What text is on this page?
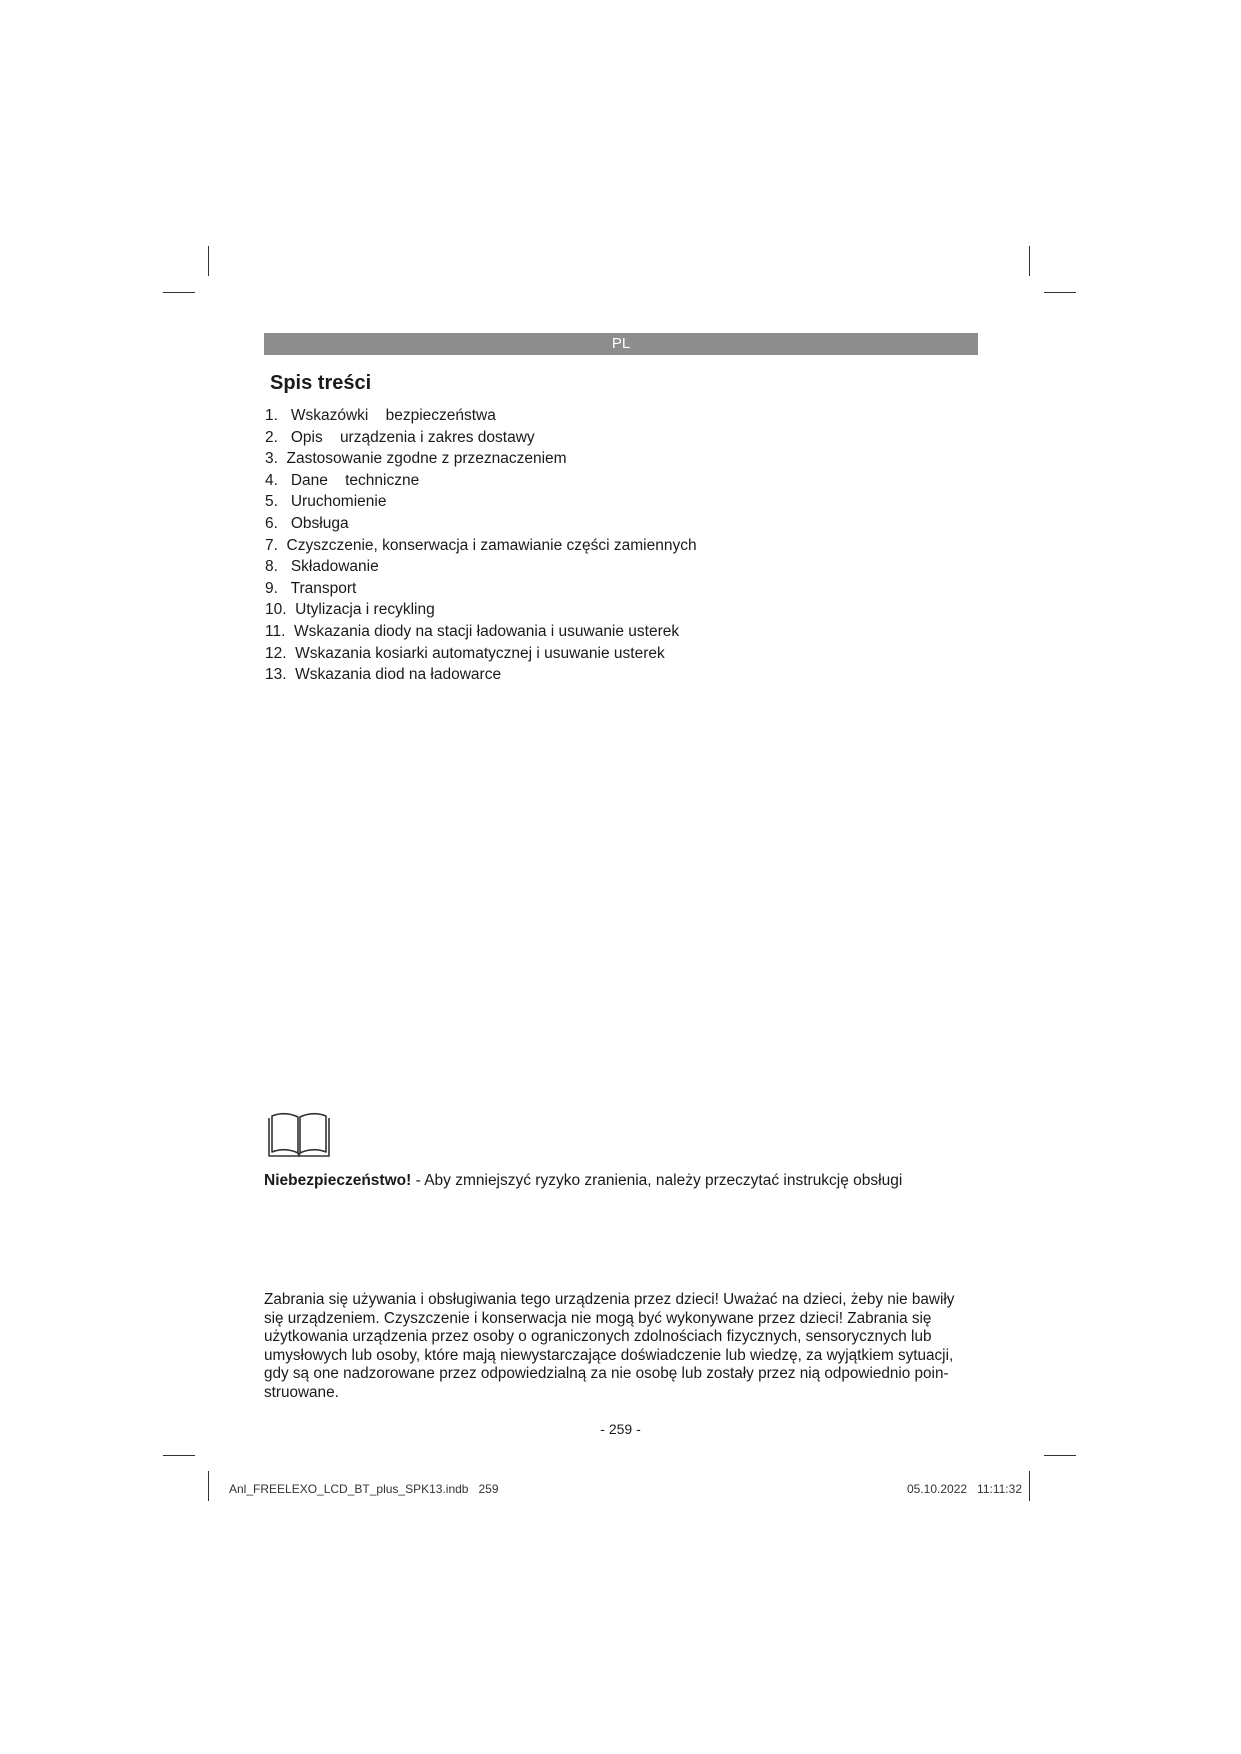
PL
Spis treści
1.   Wskazówki    bezpieczeństwa
2.   Opis    urządzenia i zakres dostawy
3.  Zastosowanie zgodne z przeznaczeniem
4.   Dane    techniczne
5.   Uruchomienie
6.   Obsługa
7.  Czyszczenie, konserwacja i zamawianie części zamiennych
8.   Składowanie
9.   Transport
10.  Utylizacja i recykling
11.  Wskazania diody na stacji ładowania i usuwanie usterek
12.  Wskazania kosiarki automatycznej i usuwanie usterek
13.  Wskazania diod na ładowarce
Niebezpieczeństwo! - Aby zmniejszyć ryzyko zranienia, należy przeczytać instrukcję obsługi

Zabrania się używania i obsługiwania tego urządzenia przez dzieci! Uważać na dzieci, żeby nie bawiły
się urządzeniem. Czyszczenie i konserwacja nie mogą być wykonywane przez dzieci! Zabrania się
użytkowania urządzenia przez osoby o ograniczonych zdolnościach fizycznych, sensorycznych lub
umysłowych lub osoby, które mają niewystarczające doświadczenie lub wiedzę, za wyjątkiem sytuacji,
gdy są one nadzorowane przez odpowiedzialną za nie osobę lub zostały przez nią odpowiednio poin-
struowane.

- 259 -
Anl_FREELEXO_LCD_BT_plus_SPK13.indb   259	05.10.2022   11:11:32
